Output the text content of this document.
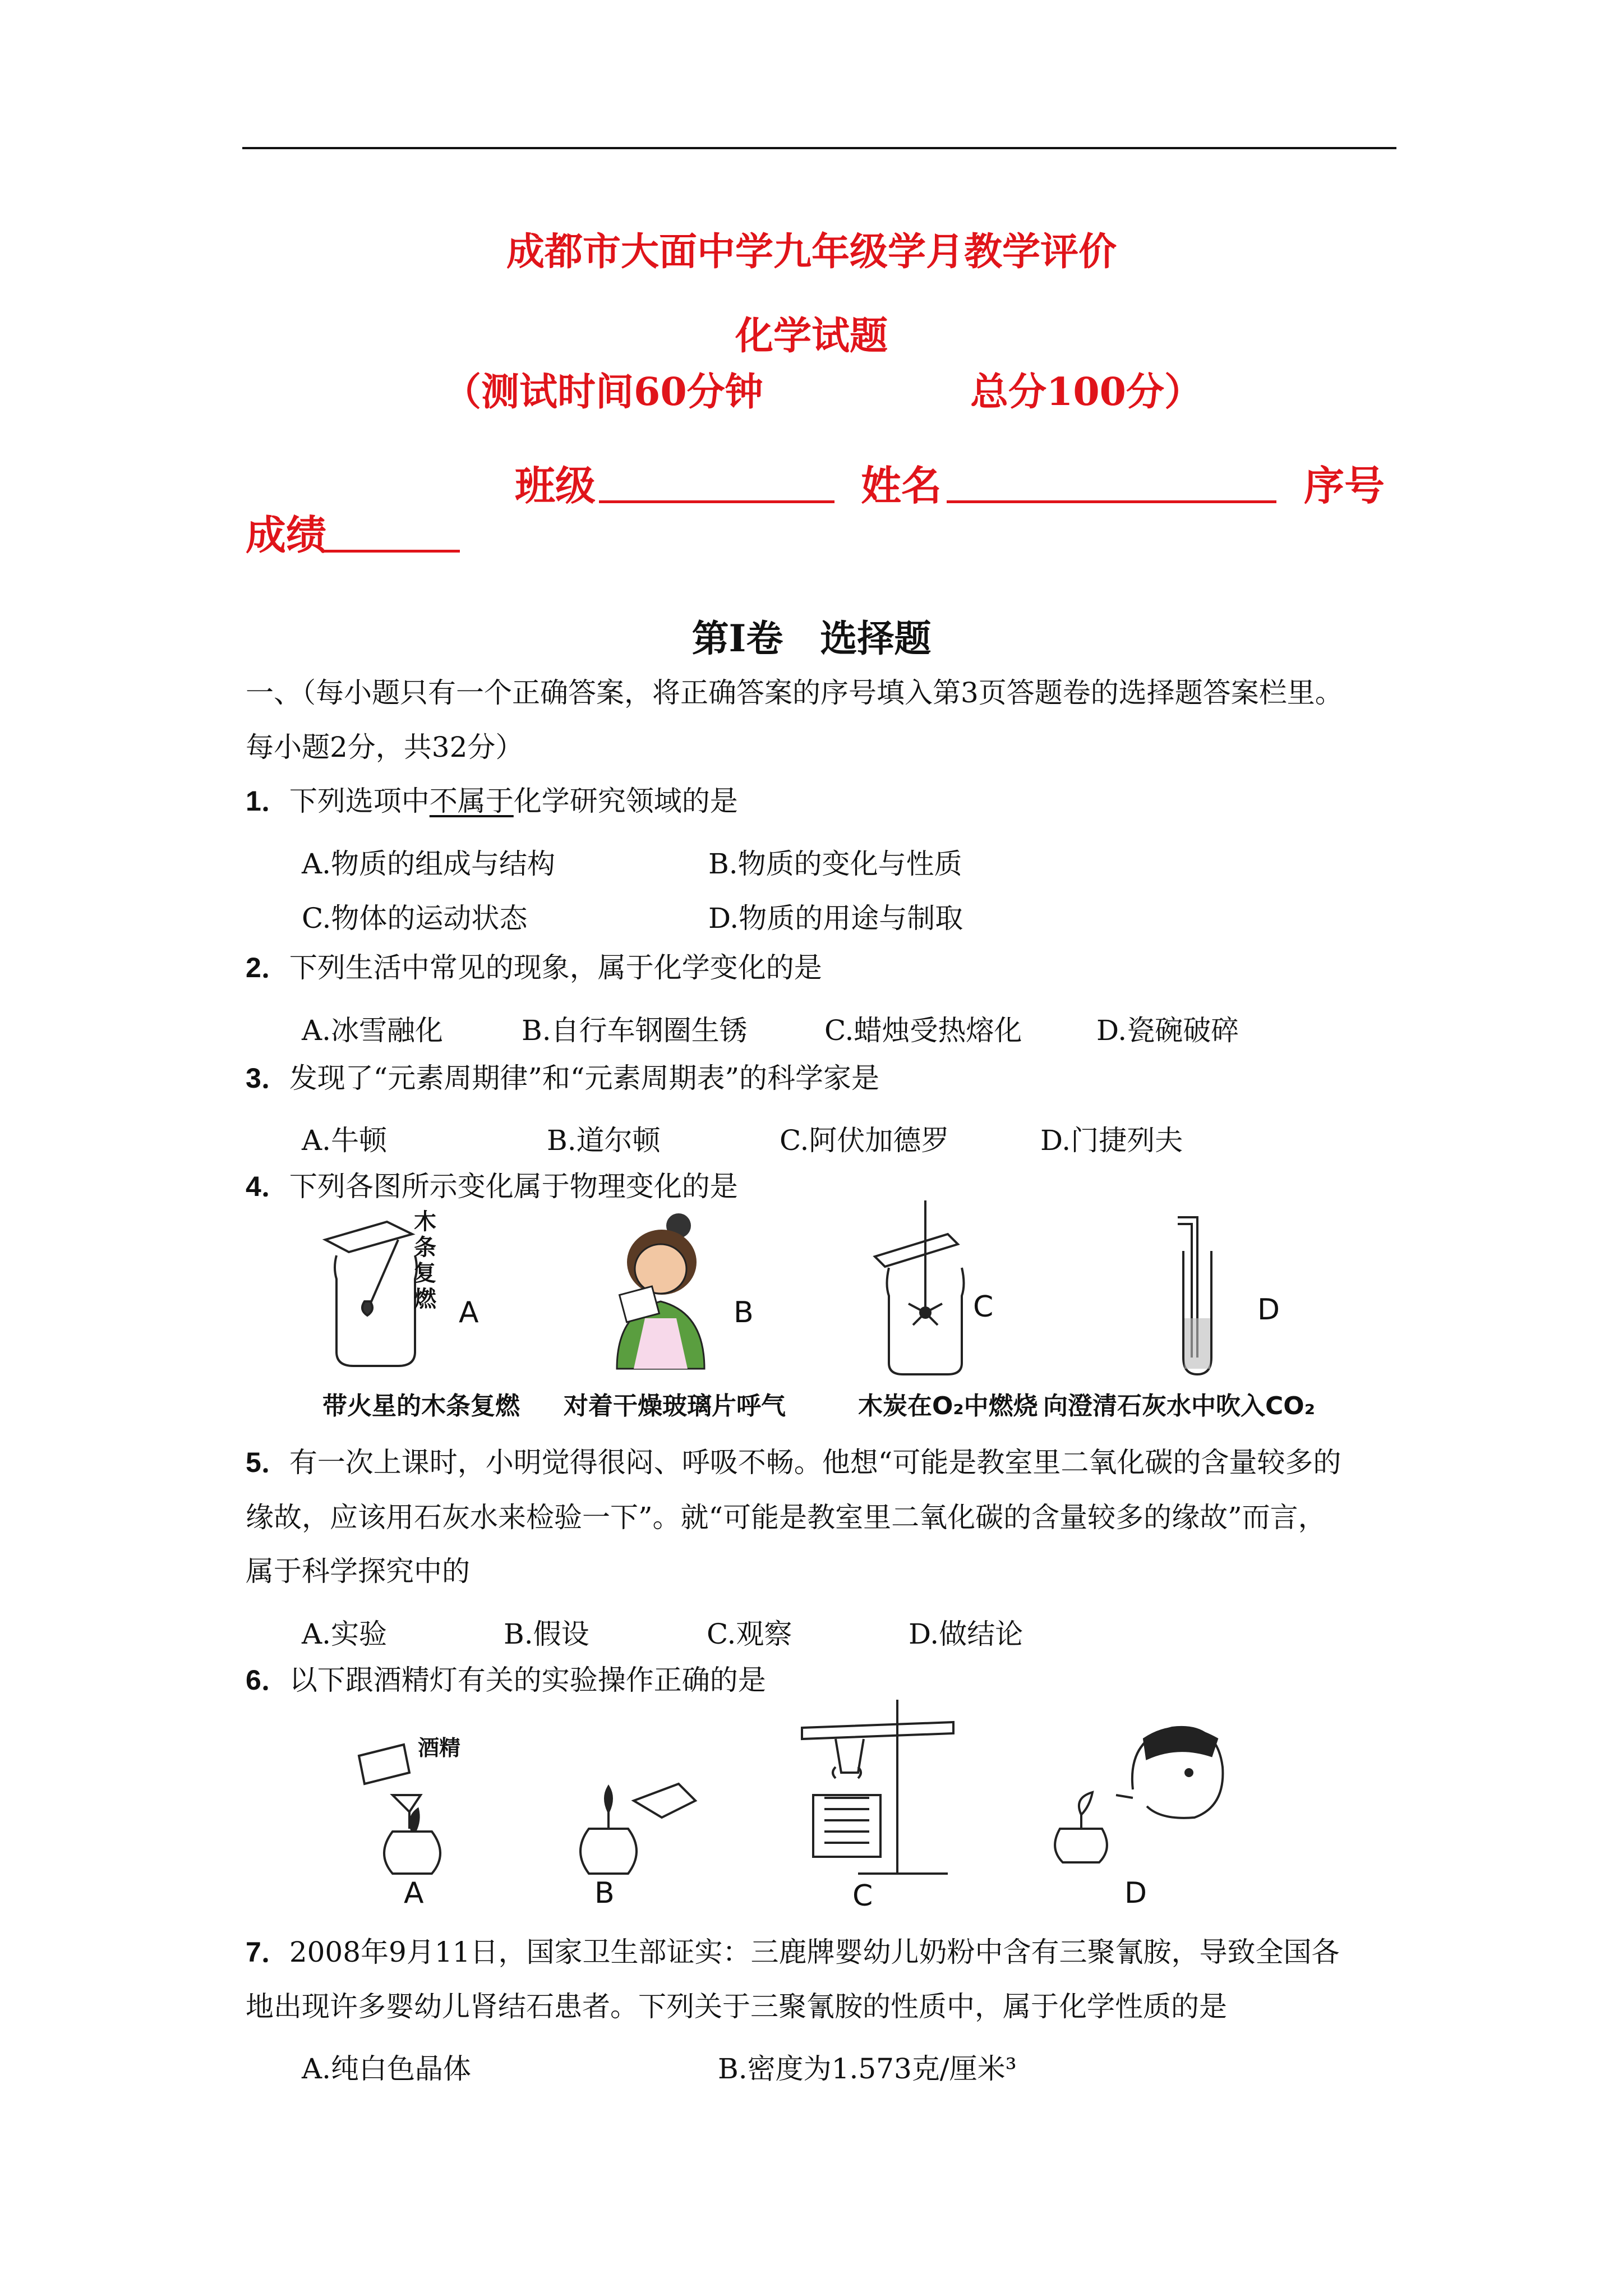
成都市大面中学九年级学月教学评价
化学试题
（测试时间60分钟	总分100分）
班级	姓名	序号
成绩
第Ⅰ卷　选择题
一、（每小题只有一个正确答案，将正确答案的序号填入第3页答题卷的选择题答案栏里。
每小题2分，共32分）
1．下列选项中不属于化学研究领域的是
A.物质的组成与结构	B.物质的变化与性质
C.物体的运动状态	D.物质的用途与制取
2．下列生活中常见的现象，属于化学变化的是
A.冰雪融化	B.自行车钢圈生锈	C.蜡烛受热熔化	D.瓷碗破碎
3．发现了“元素周期律”和“元素周期表”的科学家是
A.牛顿	B.道尔顿	C.阿伏加德罗	D.门捷列夫
4．下列各图所示变化属于物理变化的是
木条复燃 A	B	C	D
带火星的木条复燃 对着干燥玻璃片呼气	木炭在O₂中燃烧 向澄清石灰水中吹入CO₂
5．有一次上课时，小明觉得很闷、呼吸不畅。他想“可能是教室里二氧化碳的含量较多的
缘故，应该用石灰水来检验一下”。就“可能是教室里二氧化碳的含量较多的缘故”而言，
属于科学探究中的
A.实验	B.假设	C.观察	D.做结论
6．以下跟酒精灯有关的实验操作正确的是
酒精
A	B	C	D
7．2008年9月11日，国家卫生部证实：三鹿牌婴幼儿奶粉中含有三聚氰胺，导致全国各
地出现许多婴幼儿肾结石患者。下列关于三聚氰胺的性质中，属于化学性质的是
A.纯白色晶体	B.密度为1.573克/厘米³
